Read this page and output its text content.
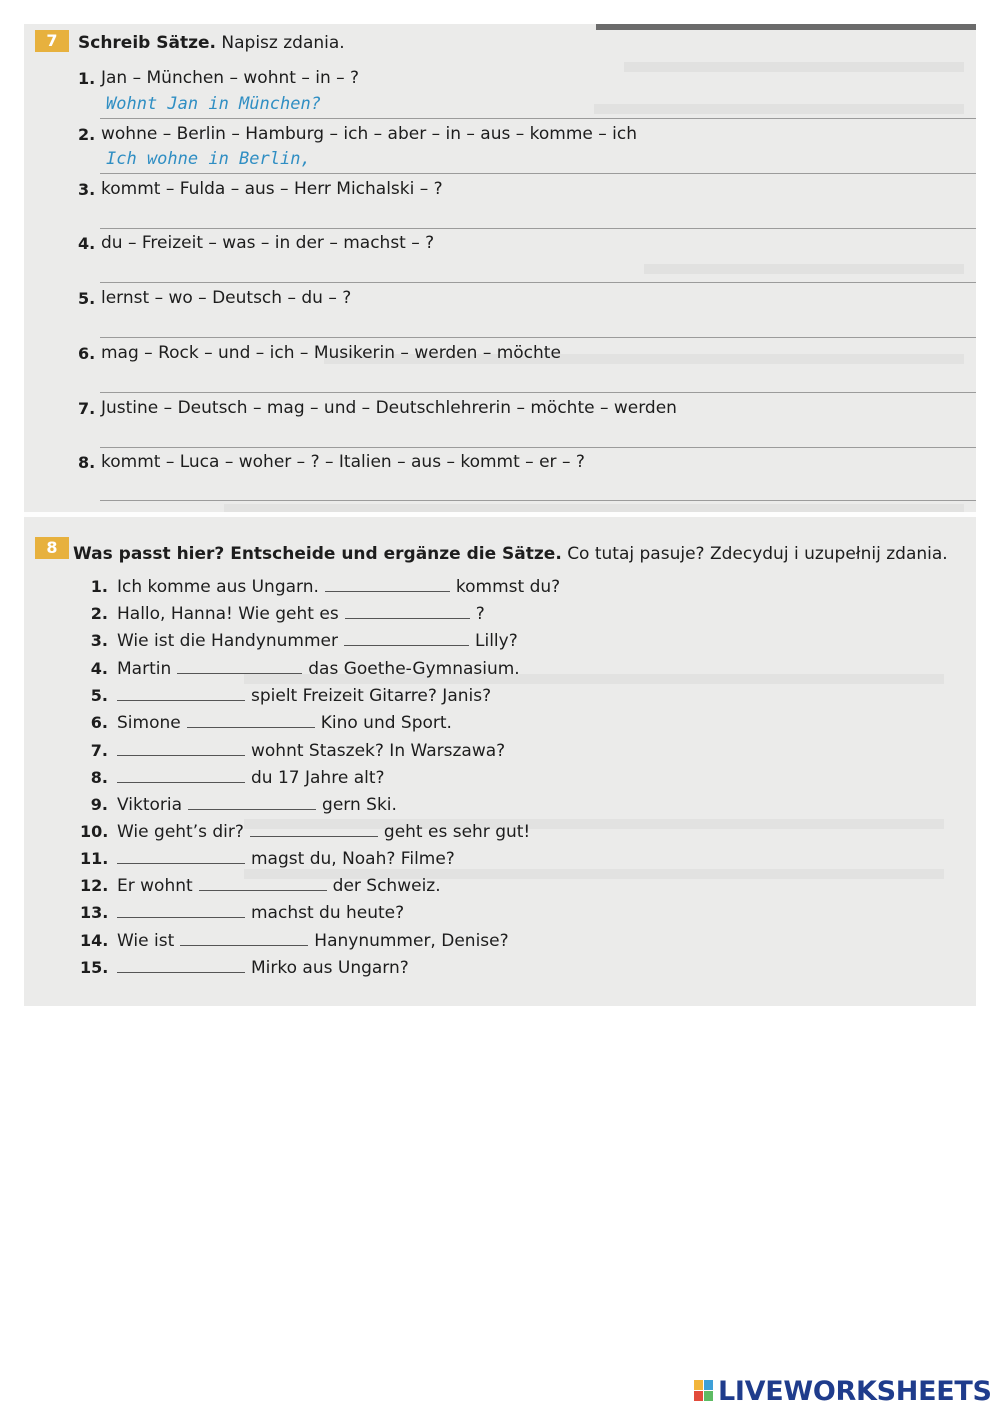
7	Schreib Sätze. Napisz zdania.
1. Jan – München – wohnt – in – ?
Wohnt Jan in München?
2. wohne – Berlin – Hamburg – ich – aber – in – aus – komme – ich
Ich wohne in Berlin,
3. kommt – Fulda – aus – Herr Michalski – ?
4. du – Freizeit – was – in der – machst – ?
5. lernst – wo – Deutsch – du – ?
6. mag – Rock – und – ich – Musikerin – werden – möchte
7. Justine – Deutsch – mag – und – Deutschlehrerin – möchte – werden
8. kommt – Luca – woher – ? – Italien – aus – kommt – er – ?
8 Was passt hier? Entscheide und ergänze die Sätze. Co tutaj pasuje? Zdecyduj i uzupełnij zdania.
1. Ich komme aus Ungarn.	kommst du?
2. Hallo, Hanna! Wie geht es	?
3. Wie ist die Handynummer	Lilly?
4. Martin	das Goethe-Gymnasium.
5.	spielt Freizeit Gitarre? Janis?
6. Simone	Kino und Sport.
7.	wohnt Staszek? In Warszawa?
8.	du 17 Jahre alt?
9. Viktoria	gern Ski.
10. Wie geht’s dir?	geht es sehr gut!
11.	magst du, Noah? Filme?
12. Er wohnt	der Schweiz.
13.	machst du heute?
14. Wie ist	Hanynummer, Denise?
15.	Mirko aus Ungarn?
LIVEWORKSHEETS
